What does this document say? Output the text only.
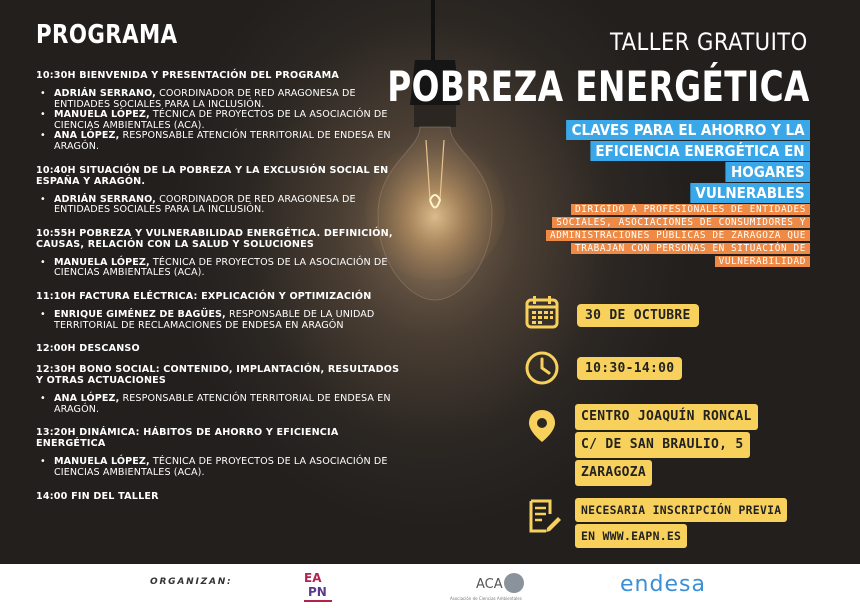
PROGRAMA
10:30H BIENVENIDA Y PRESENTACIÓN DEL PROGRAMA
• ADRIÁN SERRANO, COORDINADOR DE RED ARAGONESA DE ENTIDADES SOCIALES PARA LA INCLUSIÓN.
• MANUELA LÓPEZ, TÉCNICA DE PROYECTOS DE LA ASOCIACIÓN DE CIENCIAS AMBIENTALES (ACA).
• ANA LÓPEZ, RESPONSABLE ATENCIÓN TERRITORIAL DE ENDESA EN ARAGÓN.
10:40H SITUACIÓN DE LA POBREZA Y LA EXCLUSIÓN SOCIAL EN ESPAÑA Y ARAGÓN.
• ADRIÁN SERRANO, COORDINADOR DE RED ARAGONESA DE ENTIDADES SOCIALES PARA LA INCLUSIÓN.
10:55H POBREZA Y VULNERABILIDAD ENERGÉTICA. DEFINICIÓN, CAUSAS, RELACIÓN CON LA SALUD Y SOLUCIONES
• MANUELA LÓPEZ, TÉCNICA DE PROYECTOS DE LA ASOCIACIÓN DE CIENCIAS AMBIENTALES (ACA).
11:10H FACTURA ELÉCTRICA: EXPLICACIÓN Y OPTIMIZACIÓN
• ENRIQUE GIMÉNEZ DE BAGÜES, RESPONSABLE DE LA UNIDAD TERRITORIAL DE RECLAMACIONES DE ENDESA EN ARAGÓN
12:00H DESCANSO
12:30H BONO SOCIAL: CONTENIDO, IMPLANTACIÓN, RESULTADOS Y OTRAS ACTUACIONES
• ANA LÓPEZ, RESPONSABLE ATENCIÓN TERRITORIAL DE ENDESA EN ARAGÓN.
13:20H DINÁMICA: HÁBITOS DE AHORRO Y EFICIENCIA ENERGÉTICA
• MANUELA LÓPEZ, TÉCNICA DE PROYECTOS DE LA ASOCIACIÓN DE CIENCIAS AMBIENTALES (ACA).
14:00 FIN DEL TALLER
TALLER GRATUITO
POBREZA ENERGÉTICA
CLAVES PARA EL AHORRO Y LA
EFICIENCIA ENERGÉTICA EN HOGARES
VULNERABLES
DIRIGIDO A PROFESIONALES DE ENTIDADES
SOCIALES, ASOCIACIONES DE CONSUMIDORES Y
ADMINISTRACIONES PÚBLICAS DE ZARAGOZA QUE
TRABAJAN CON PERSONAS EN SITUACIÓN DE
VULNERABILIDAD
30 DE OCTUBRE
10:30-14:00
CENTRO JOAQUÍN RONCAL
C/ DE SAN BRAULIO, 5
ZARAGOZA
NECESARIA INSCRIPCIÓN PREVIA
EN WWW.EAPN.ES
ORGANIZAN:	EA
PN	ACA
Asociación de Ciencias Ambientales
endesa
